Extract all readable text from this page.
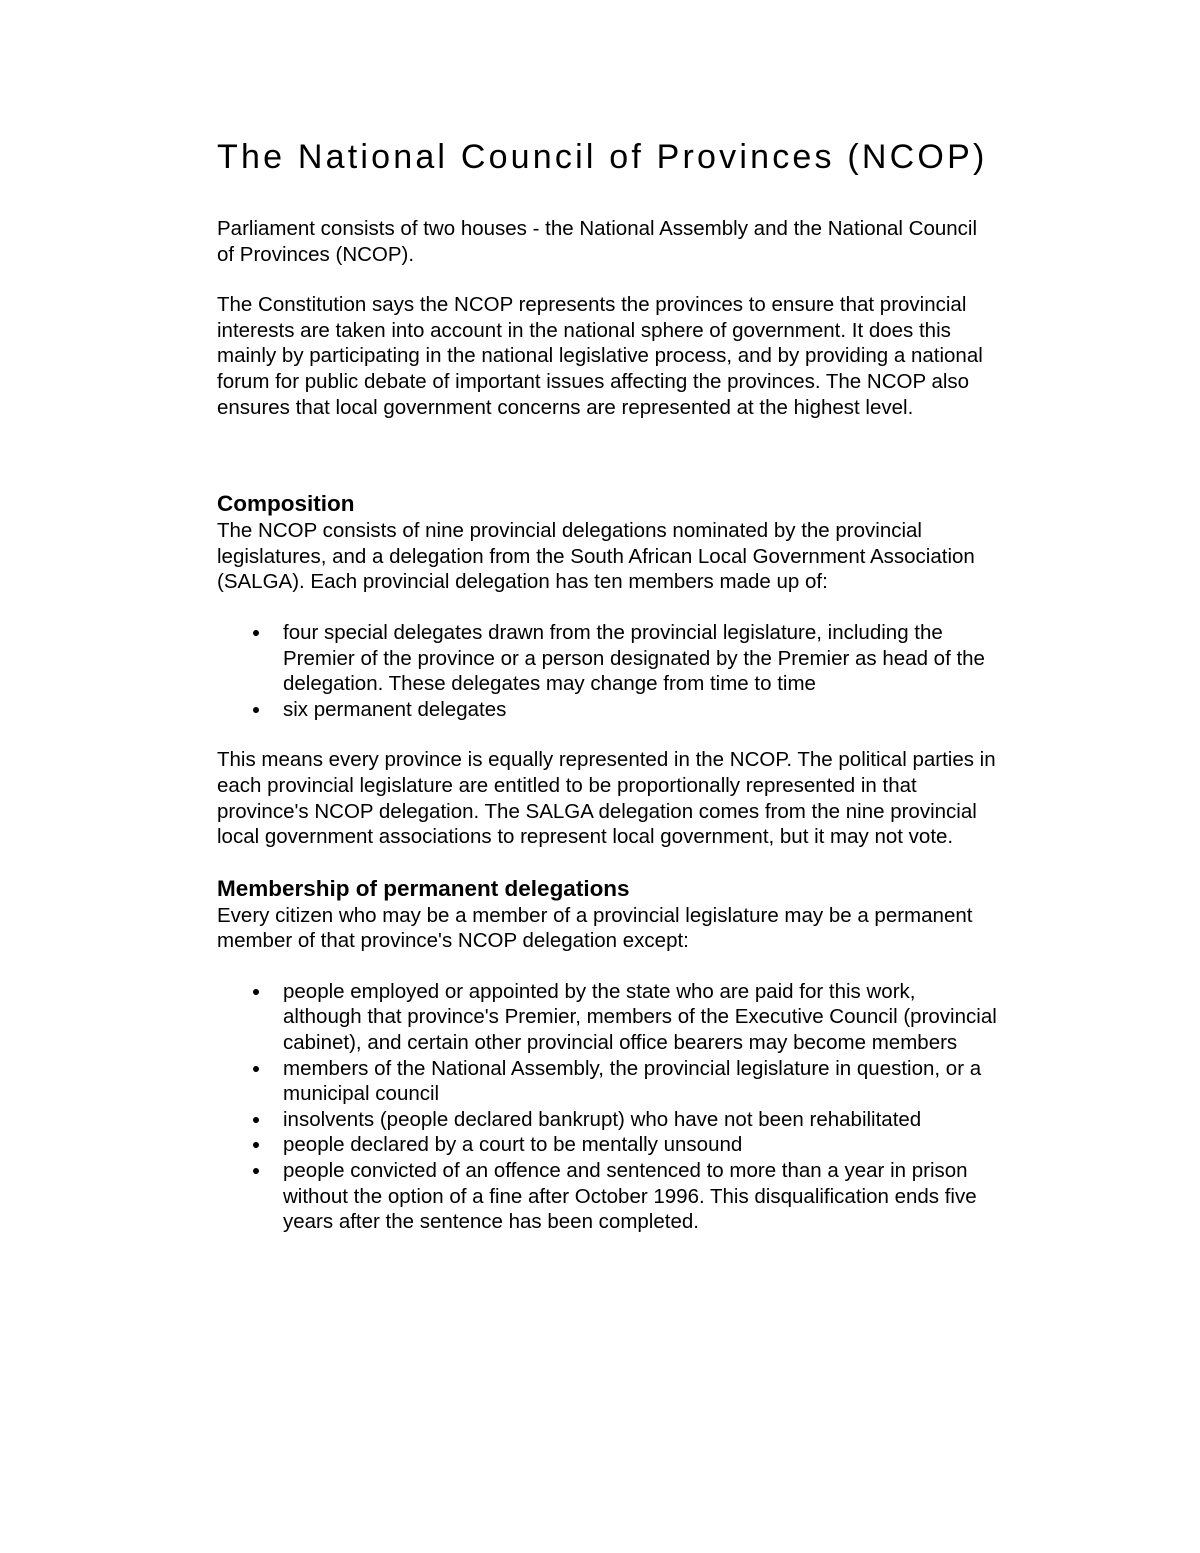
The National Council of Provinces (NCOP)

Parliament consists of two houses - the National Assembly and the National Council of Provinces (NCOP).

The Constitution says the NCOP represents the provinces to ensure that provincial interests are taken into account in the national sphere of government. It does this mainly by participating in the national legislative process, and by providing a national forum for public debate of important issues affecting the provinces. The NCOP also ensures that local government concerns are represented at the highest level.

Composition

The NCOP consists of nine provincial delegations nominated by the provincial legislatures, and a delegation from the South African Local Government Association (SALGA). Each provincial delegation has ten members made up of:

four special delegates drawn from the provincial legislature, including the Premier of the province or a person designated by the Premier as head of the delegation. These delegates may change from time to time
six permanent delegates

This means every province is equally represented in the NCOP. The political parties in each provincial legislature are entitled to be proportionally represented in that province's NCOP delegation. The SALGA delegation comes from the nine provincial local government associations to represent local government, but it may not vote.

Membership of permanent delegations

Every citizen who may be a member of a provincial legislature may be a permanent member of that province's NCOP delegation except:

people employed or appointed by the state who are paid for this work, although that province's Premier, members of the Executive Council (provincial cabinet), and certain other provincial office bearers may become members
members of the National Assembly, the provincial legislature in question, or a municipal council
insolvents (people declared bankrupt) who have not been rehabilitated
people declared by a court to be mentally unsound
people convicted of an offence and sentenced to more than a year in prison without the option of a fine after October 1996. This disqualification ends five years after the sentence has been completed.
